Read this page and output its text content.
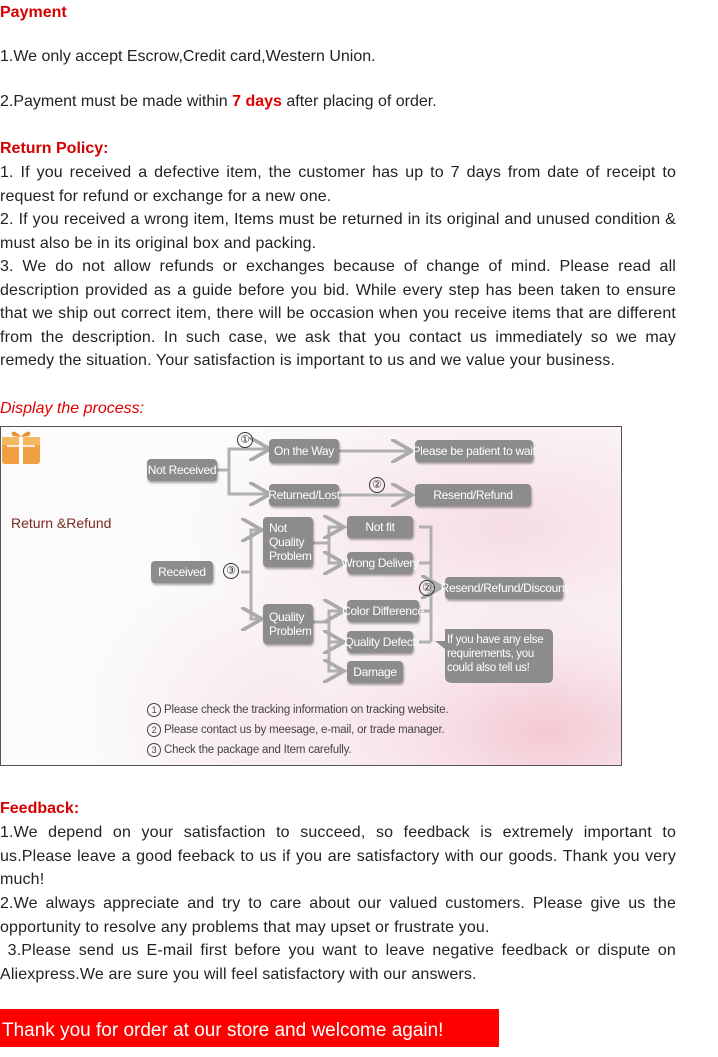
Payment
1.We only accept Escrow,Credit card,Western Union.
2.Payment must be made within 7 days after placing of order.
Return Policy:
1. If you received a defective item, the customer has up to 7 days from date of receipt to request for refund or exchange for a new one.
2. If you received a wrong item, Items must be returned in its original and unused condition & must also be in its original box and packing.
3. We do not allow refunds or exchanges because of change of mind. Please read all description provided as a guide before you bid. While every step has been taken to ensure that we ship out correct item, there will be occasion when you receive items that are different from the description. In such case, we ask that you contact us immediately so we may remedy the situation. Your satisfaction is important to us and we value your business.
Display the process:
Return &Refund
Not Received
①
On the Way	Please be patient to wait
Returned/Lost
②
Resend/Refund
Received	③
Not Quality Problem
Not fit
Wrong Delivery
Quality Problem
Color Difference
Quality Defect
Damage
② Resend/Refund/Discount
If you have any else requirements, you could also tell us!
1 Please check the tracking information on tracking website.
2 Please contact us by meesage, e-mail, or trade manager.
3 Check the package and Item carefully.
Feedback:
1.We depend on your satisfaction to succeed, so feedback is extremely important to us.Please leave a good feeback to us if you are satisfactory with our goods. Thank you very much!
2.We always appreciate and try to care about our valued customers. Please give us the opportunity to resolve any problems that may upset or frustrate you.
3.Please send us E-mail first before you want to leave negative feedback or dispute on Aliexpress.We are sure you will feel satisfactory with our answers.
Thank you for order at our store and welcome again!
